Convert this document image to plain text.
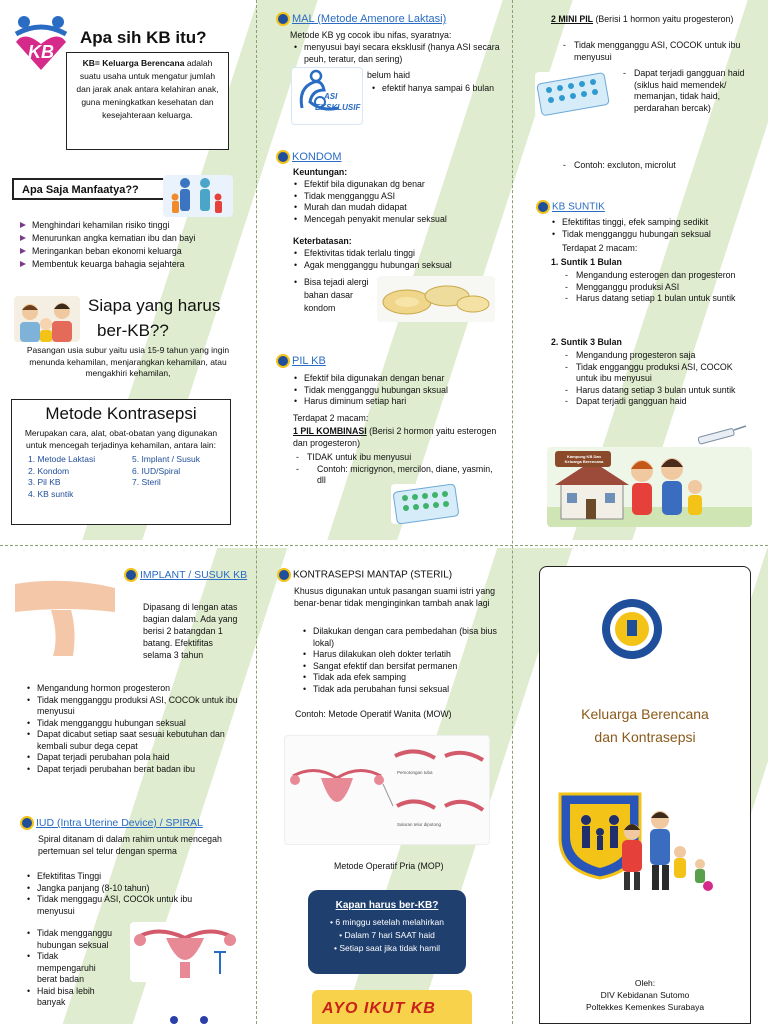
KB
Apa sih KB itu?
KB= Keluarga Berencana adalah suatu usaha untuk mengatur jumlah dan jarak anak antara kelahiran anak, guna meningkatkan kesehatan dan kesejahteraan keluarga.
Apa Saja Manfaatya??
Menghindari kehamilan risiko tinggi
Menurunkan angka kematian ibu dan bayi
Meringankan beban ekonomi keluarga
Membentuk keuarga bahagia sejahtera
Siapa yang harus
ber-KB??
Pasangan usia subur yaitu usia 15-9 tahun yang ingin menunda kehamilan, menjarangkan kehamilan, atau mengakhiri kehamilan,
Metode Kontrasepsi
Merupakan cara, alat, obat-obatan yang digunakan untuk mencegah terjadinya kehamilan, antara lain:
1. Metode Laktasi
2. Kondom
3. Pil KB
4. KB suntik
5. Implant / Susuk
6. IUD/Spiral
7. Steril
MAL (Metode Amenore Laktasi)
Metode KB yg cocok ibu nifas, syaratnya:
• menyusui bayi secara eksklusif (hanya ASI secara peuh, teratur, dan sering)
• belum haid
• efektif hanya sampai 6 bulan
ASI
EKSKLUSIF
KONDOM
Keuntungan:
• Efektif bila digunakan dg benar
• Tidak mengganggu ASI
• Murah dan mudah didapat
• Mencegah penyakit menular seksual
Keterbatasan:
• Efektivitas tidak terlalu tinggi
• Agak mengganggu hubungan seksual
• Bisa tejadi alergi bahan dasar kondom
PIL KB
• Efektif bila digunakan dengan benar
• Tidak mengganggu hubungan sksual
• Harus diminum setiap hari
Terdapat 2 macam:
1 PIL KOMBINASI (Berisi 2 hormon yaitu esterogen dan progesteron)
- TIDAK untuk ibu menyusui
- Contoh: micrigynon, mercilon, diane, yasmin, dll
2 MINI PIL (Berisi 1 hormon yaitu progesteron)
- Tidak mengganggu ASI, COCOK untuk ibu menyusui
- Dapat terjadi gangguan haid (siklus haid memendek/ memanjan, tidak haid, perdarahan bercak)
- Contoh: excluton, microlut
KB SUNTIK
• Efektifitas tinggi, efek samping sedikit
• Tidak mengganggu hubungan seksual
Terdapat 2 macam:
1. Suntik 1 Bulan
- Mengandung esterogen dan progesteron
- Mengganggu produksi ASI
- Harus datang setiap 1 bulan untuk suntik
2. Suntik 3 Bulan
- Mengandung progesteron saja
- Tidak engganggu produksi ASI, COCOK untuk ibu menyusui
- Harus datang setiap 3 bulan untuk suntik
- Dapat terjadi gangguan haid
Kampung KB Dan Keluarga Berencana
IMPLANT / SUSUK KB
Dipasang di lengan atas bagian dalam. Ada yang berisi 2 batangdan 1 batang. Efektifitas selama 3 tahun
• Mengandung hormon progesteron
• Tidak mengganggu produksi ASI, COCOk untuk ibu menyusui
• Tidak mengganggu hubungan seksual
• Dapat dicabut setiap saat sesuai kebutuhan dan kembali subur dega cepat
• Dapat terjadi perubahan pola haid
• Dapat terjadi perubahan berat badan ibu
IUD (Intra Uterine Device) / SPIRAL
Spiral ditanam di dalam rahim untuk mencegah pertemuan sel telur dengan sperma
• Efektifitas Tinggi
• Jangka panjang (8-10 tahun)
• Tidak menggagu ASI, COCOk untuk ibu menyusui
• Tidak mengganggu hubungan seksual
• Tidak mempengaruhi berat badan
• Haid bisa lebih banyak
KONTRASEPSI MANTAP (STERIL)
Khusus digunakan untuk pasangan suami istri yang benar-benar tidak menginginkan tambah anak lagi
• Dilakukan dengan cara pembedahan (bisa bius lokal)
• Harus dilakukan oleh dokter terlatih
• Sangat efektif dan bersifat permanen
• Tidak ada efek samping
• Tidak ada perubahan funsi seksual
Contoh: Metode Operatif Wanita (MOW)
Pemotongan tuba
Saluran telur dipotong
Metode Operatif Pria (MOP)
Kapan harus ber-KB?
• 6 minggu setelah melahirkan
• Dalam 7 hari SAAT haid
• Setiap saat jika tidak hamil
AYO IKUT KB
Keluarga Berencana
dan Kontrasepsi
Oleh:
DIV Kebidanan Sutomo
Poltekkes Kemenkes Surabaya
